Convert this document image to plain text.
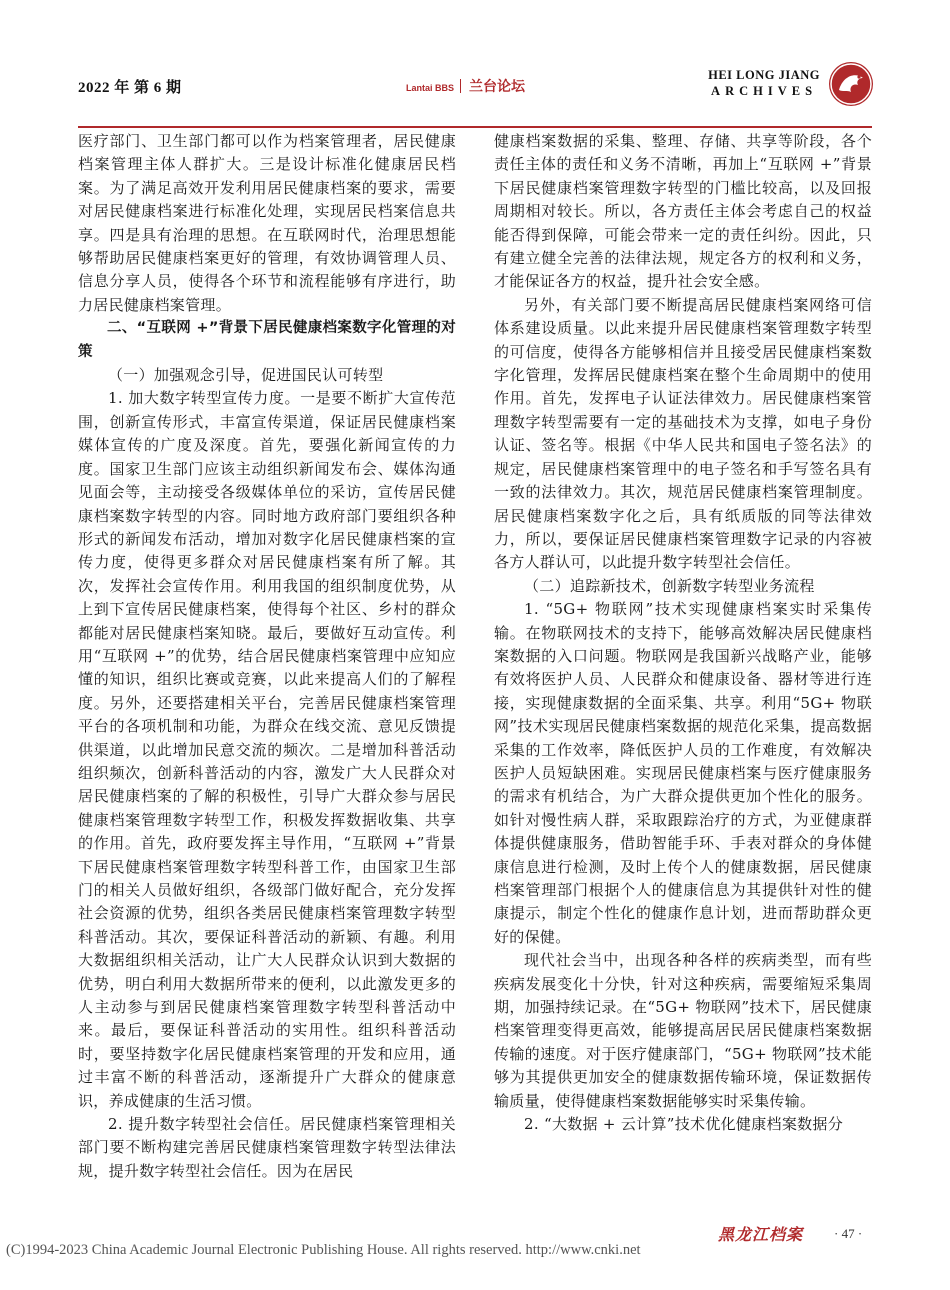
2022 年 第 6 期	Lantai BBS 兰台论坛
HEI LONG JIANG
ARCHIVES

医疗部门、卫生部门都可以作为档案管理者，居民健康档案管理主体人群扩大。三是设计标准化健康居民档案。为了满足高效开发利用居民健康档案的要求，需要对居民健康档案进行标准化处理，实现居民档案信息共享。四是具有治理的思想。在互联网时代，治理思想能够帮助居民健康档案更好的管理，有效协调管理人员、信息分享人员，使得各个环节和流程能够有序进行，助力居民健康档案管理。

二、“互联网 +”背景下居民健康档案数字化管理的对策

（一）加强观念引导，促进国民认可转型

1. 加大数字转型宣传力度。一是要不断扩大宣传范围，创新宣传形式，丰富宣传渠道，保证居民健康档案媒体宣传的广度及深度。首先，要强化新闻宣传的力度。国家卫生部门应该主动组织新闻发布会、媒体沟通见面会等，主动接受各级媒体单位的采访，宣传居民健康档案数字转型的内容。同时地方政府部门要组织各种形式的新闻发布活动，增加对数字化居民健康档案的宣传力度，使得更多群众对居民健康档案有所了解。其次，发挥社会宣传作用。利用我国的组织制度优势，从上到下宣传居民健康档案，使得每个社区、乡村的群众都能对居民健康档案知晓。最后，要做好互动宣传。利用“互联网 +”的优势，结合居民健康档案管理中应知应懂的知识，组织比赛或竞赛，以此来提高人们的了解程度。另外，还要搭建相关平台，完善居民健康档案管理平台的各项机制和功能，为群众在线交流、意见反馈提供渠道，以此增加民意交流的频次。二是增加科普活动组织频次，创新科普活动的内容，激发广大人民群众对居民健康档案的了解的积极性，引导广大群众参与居民健康档案管理数字转型工作，积极发挥数据收集、共享的作用。首先，政府要发挥主导作用，“互联网 +”背景下居民健康档案管理数字转型科普工作，由国家卫生部门的相关人员做好组织，各级部门做好配合，充分发挥社会资源的优势，组织各类居民健康档案管理数字转型科普活动。其次，要保证科普活动的新颖、有趣。利用大数据组织相关活动，让广大人民群众认识到大数据的优势，明白利用大数据所带来的便利，以此激发更多的人主动参与到居民健康档案管理数字转型科普活动中来。最后，要保证科普活动的实用性。组织科普活动时，要坚持数字化居民健康档案管理的开发和应用，通过丰富不断的科普活动，逐渐提升广大群众的健康意识，养成健康的生活习惯。

2. 提升数字转型社会信任。居民健康档案管理相关部门要不断构建完善居民健康档案管理数字转型法律法规，提升数字转型社会信任。因为在居民

健康档案数据的采集、整理、存储、共享等阶段，各个责任主体的责任和义务不清晰，再加上“互联网 +”背景下居民健康档案管理数字转型的门槛比较高，以及回报周期相对较长。所以，各方责任主体会考虑自己的权益能否得到保障，可能会带来一定的责任纠纷。因此，只有建立健全完善的法律法规，规定各方的权利和义务，才能保证各方的权益，提升社会安全感。

另外，有关部门要不断提高居民健康档案网络可信体系建设质量。以此来提升居民健康档案管理数字转型的可信度，使得各方能够相信并且接受居民健康档案数字化管理，发挥居民健康档案在整个生命周期中的使用作用。首先，发挥电子认证法律效力。居民健康档案管理数字转型需要有一定的基础技术为支撑，如电子身份认证、签名等。根据《中华人民共和国电子签名法》的规定，居民健康档案管理中的电子签名和手写签名具有一致的法律效力。其次，规范居民健康档案管理制度。居民健康档案数字化之后，具有纸质版的同等法律效力，所以，要保证居民健康档案管理数字记录的内容被各方人群认可，以此提升数字转型社会信任。

（二）追踪新技术，创新数字转型业务流程

1. “5G+ 物联网”技术实现健康档案实时采集传输。在物联网技术的支持下，能够高效解决居民健康档案数据的入口问题。物联网是我国新兴战略产业，能够有效将医护人员、人民群众和健康设备、器材等进行连接，实现健康数据的全面采集、共享。利用“5G+ 物联网”技术实现居民健康档案数据的规范化采集，提高数据采集的工作效率，降低医护人员的工作难度，有效解决医护人员短缺困难。实现居民健康档案与医疗健康服务的需求有机结合，为广大群众提供更加个性化的服务。如针对慢性病人群，采取跟踪治疗的方式，为亚健康群体提供健康服务，借助智能手环、手表对群众的身体健康信息进行检测，及时上传个人的健康数据，居民健康档案管理部门根据个人的健康信息为其提供针对性的健康提示，制定个性化的健康作息计划，进而帮助群众更好的保健。

现代社会当中，出现各种各样的疾病类型，而有些疾病发展变化十分快，针对这种疾病，需要缩短采集周期，加强持续记录。在“5G+ 物联网”技术下，居民健康档案管理变得更高效，能够提高居民居民健康档案数据传输的速度。对于医疗健康部门，“5G+ 物联网”技术能够为其提供更加安全的健康数据传输环境，保证数据传输质量，使得健康档案数据能够实时采集传输。

2. “大数据 + 云计算”技术优化健康档案数据分

黑龙江档案 · 47 ·
(C)1994-2023 China Academic Journal Electronic Publishing House. All rights reserved. http://www.cnki.net
